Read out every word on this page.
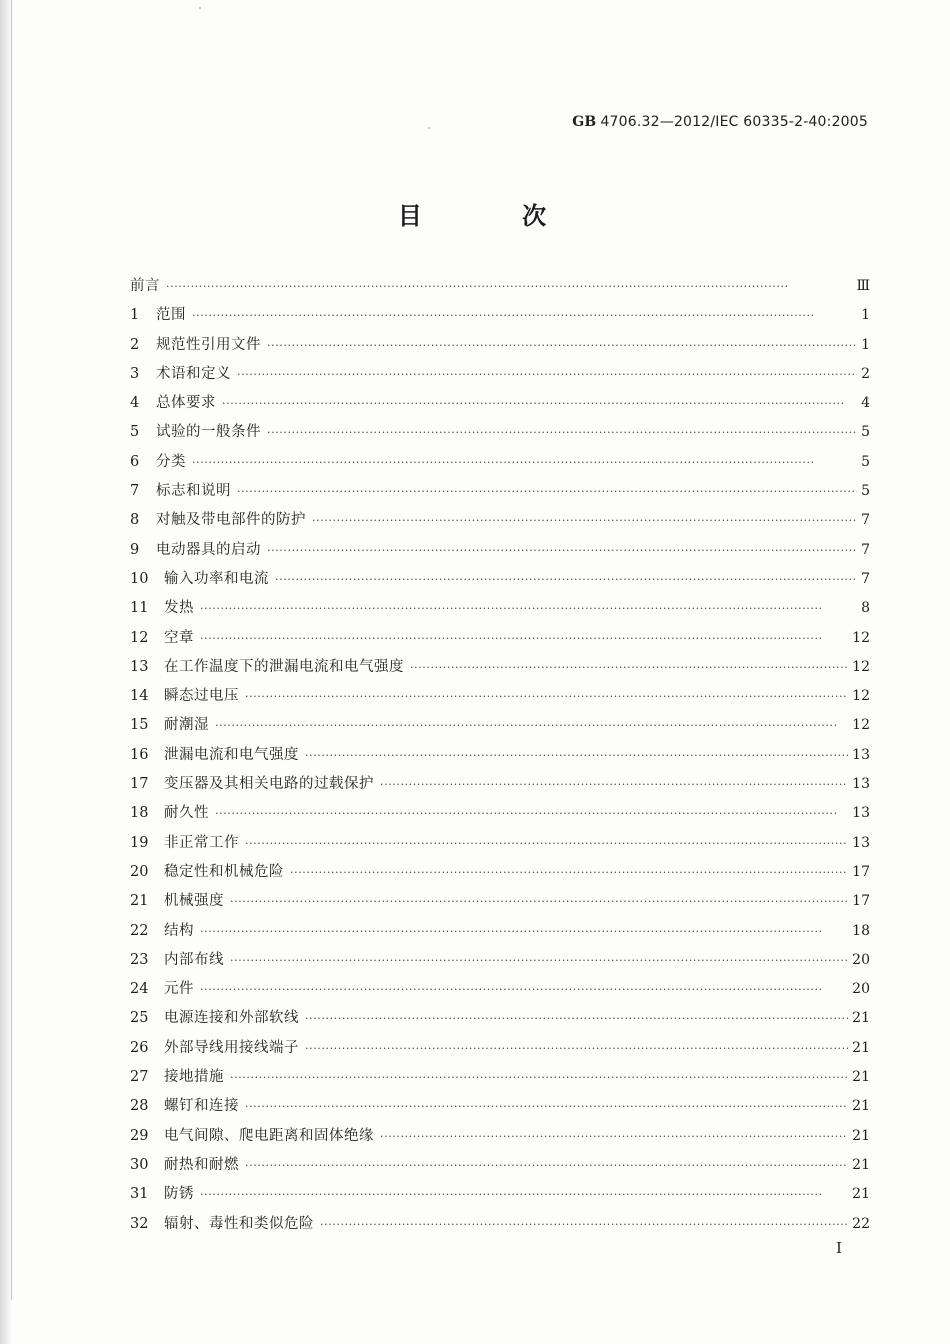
GB 4706.32—2012/IEC 60335-2-40:2005
目 次
前言 ·····	Ⅲ
1	范围 ·····	1
2	规范性引用文件 ·····	1
3	术语和定义 ·····	2
4	总体要求 ·····	4
5	试验的一般条件 ·····	5
6	分类 ·····	5
7	标志和说明 ·····	5
8	对触及带电部件的防护 ·····	7
9	电动器具的启动 ·····	7
10	输入功率和电流 ·····	7
11	发热 ·····	8
12	空章 ·····	12
13	在工作温度下的泄漏电流和电气强度 ·····	12
14	瞬态过电压 ·····	12
15	耐潮湿 ·····	12
16	泄漏电流和电气强度 ·····	13
17	变压器及其相关电路的过载保护 ·····	13
18	耐久性 ·····	13
19	非正常工作 ·····	13
20	稳定性和机械危险 ·····	17
21	机械强度 ·····	17
22	结构 ·····	18
23	内部布线 ·····	20
24	元件 ·····	20
25	电源连接和外部软线 ·····	21
26	外部导线用接线端子 ·····	21
27	接地措施 ·····	21
28	螺钉和连接 ·····	21
29	电气间隙、爬电距离和固体绝缘 ·····	21
30	耐热和耐燃 ·····	21
31	防锈 ·····	21
32	辐射、毒性和类似危险 ·····	22
Ⅰ
